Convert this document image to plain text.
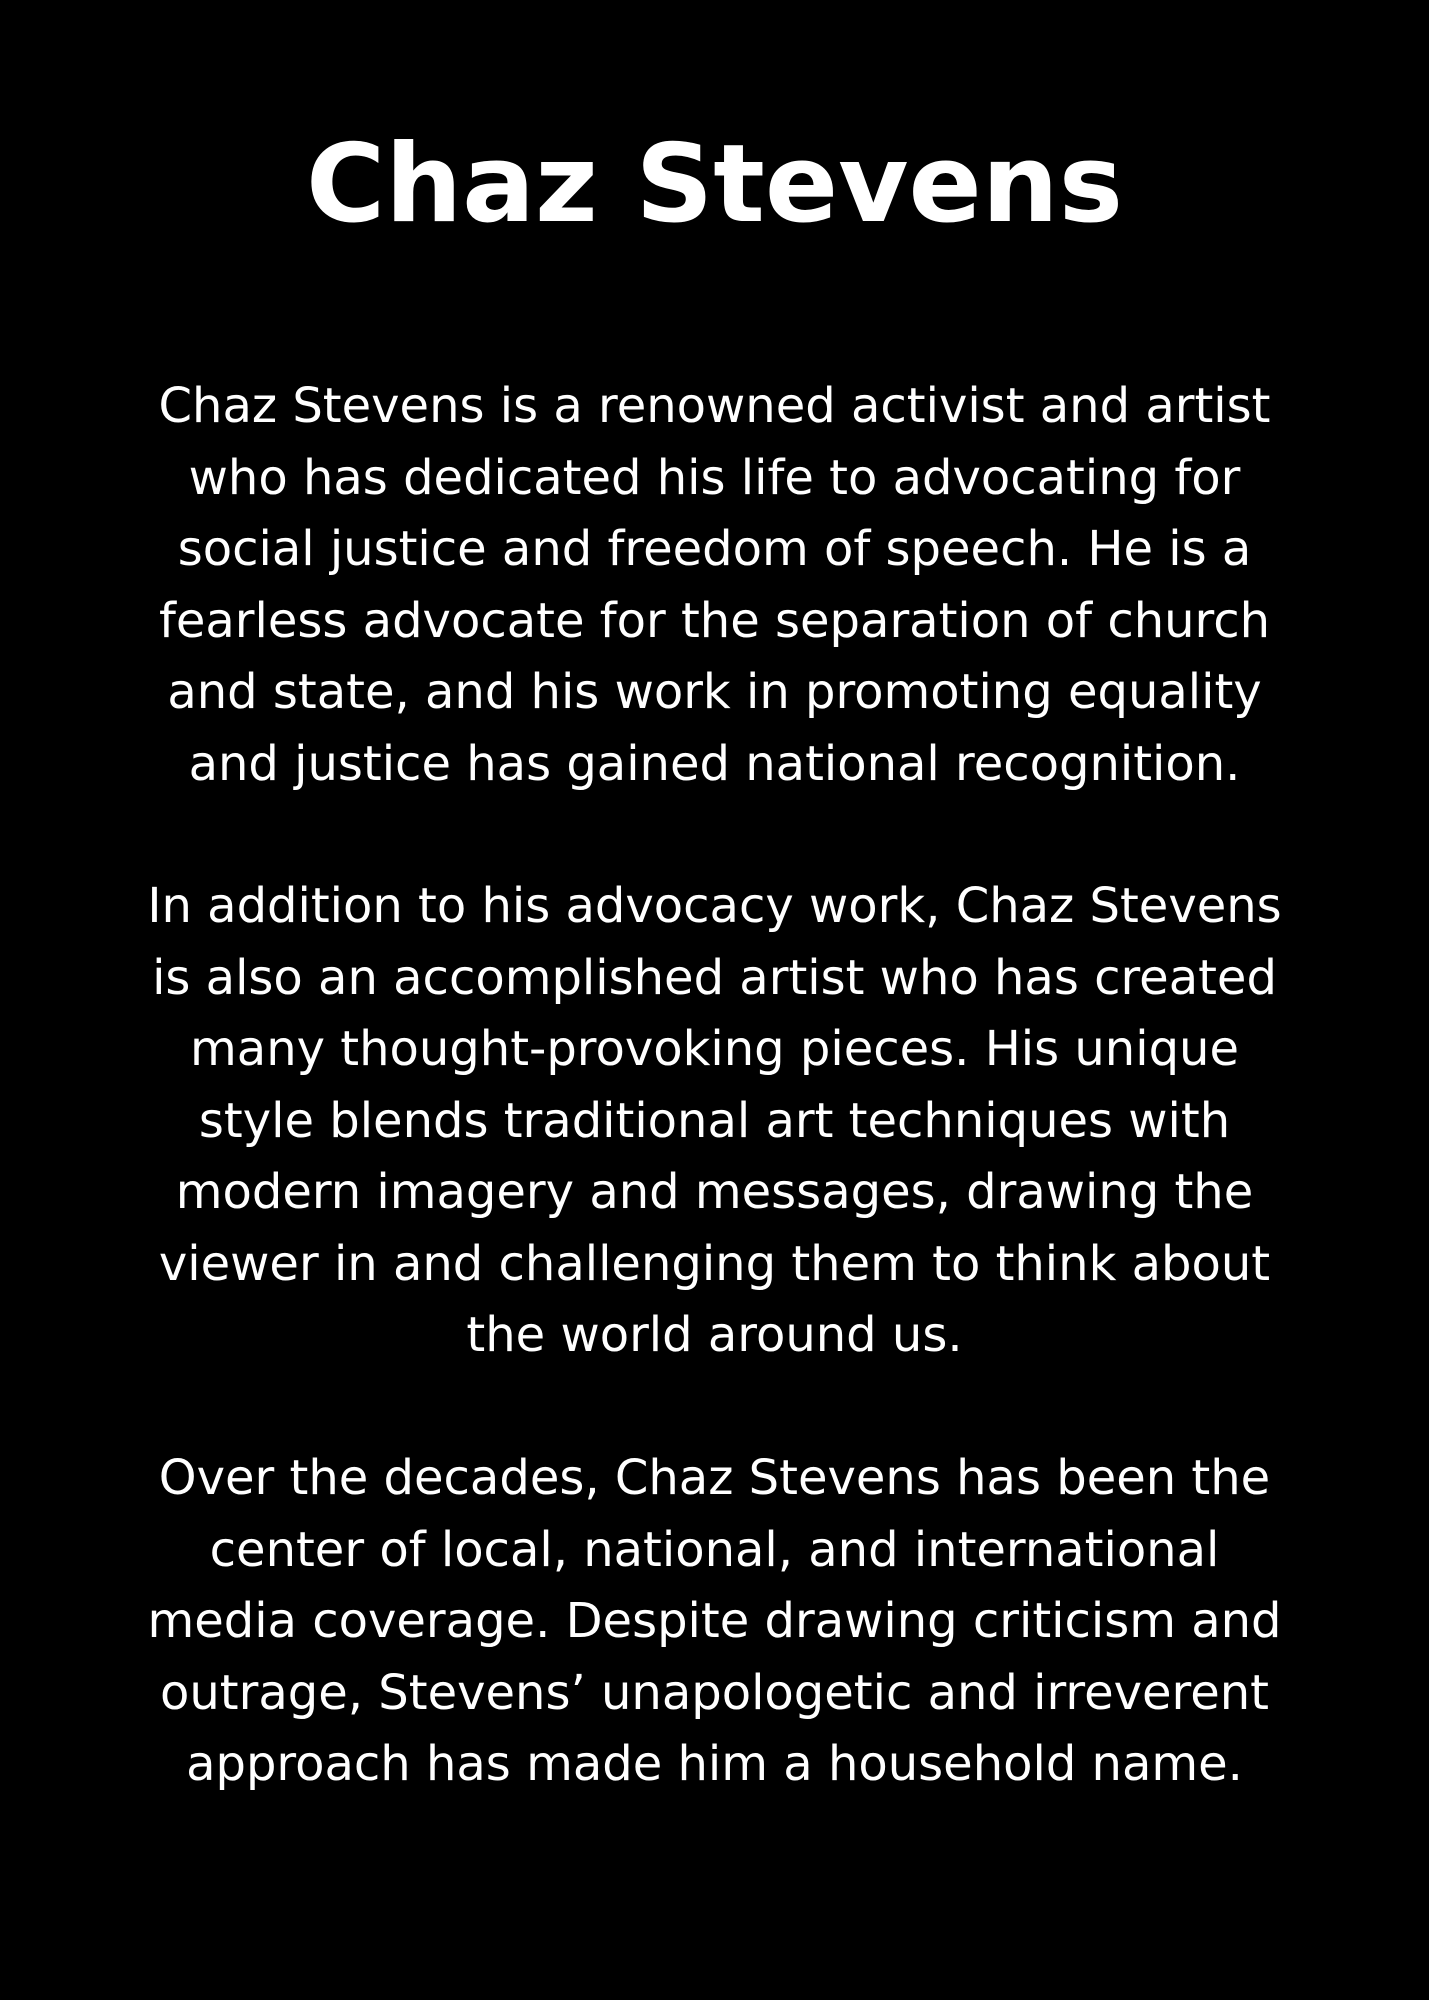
Chaz Stevens

Chaz Stevens is a renowned activist and artist
who has dedicated his life to advocating for
social justice and freedom of speech. He is a
fearless advocate for the separation of church
and state, and his work in promoting equality
and justice has gained national recognition.

In addition to his advocacy work, Chaz Stevens
is also an accomplished artist who has created
many thought-provoking pieces. His unique
style blends traditional art techniques with
modern imagery and messages, drawing the
viewer in and challenging them to think about
the world around us.

Over the decades, Chaz Stevens has been the
center of local, national, and international
media coverage. Despite drawing criticism and
outrage, Stevens’ unapologetic and irreverent
approach has made him a household name.
